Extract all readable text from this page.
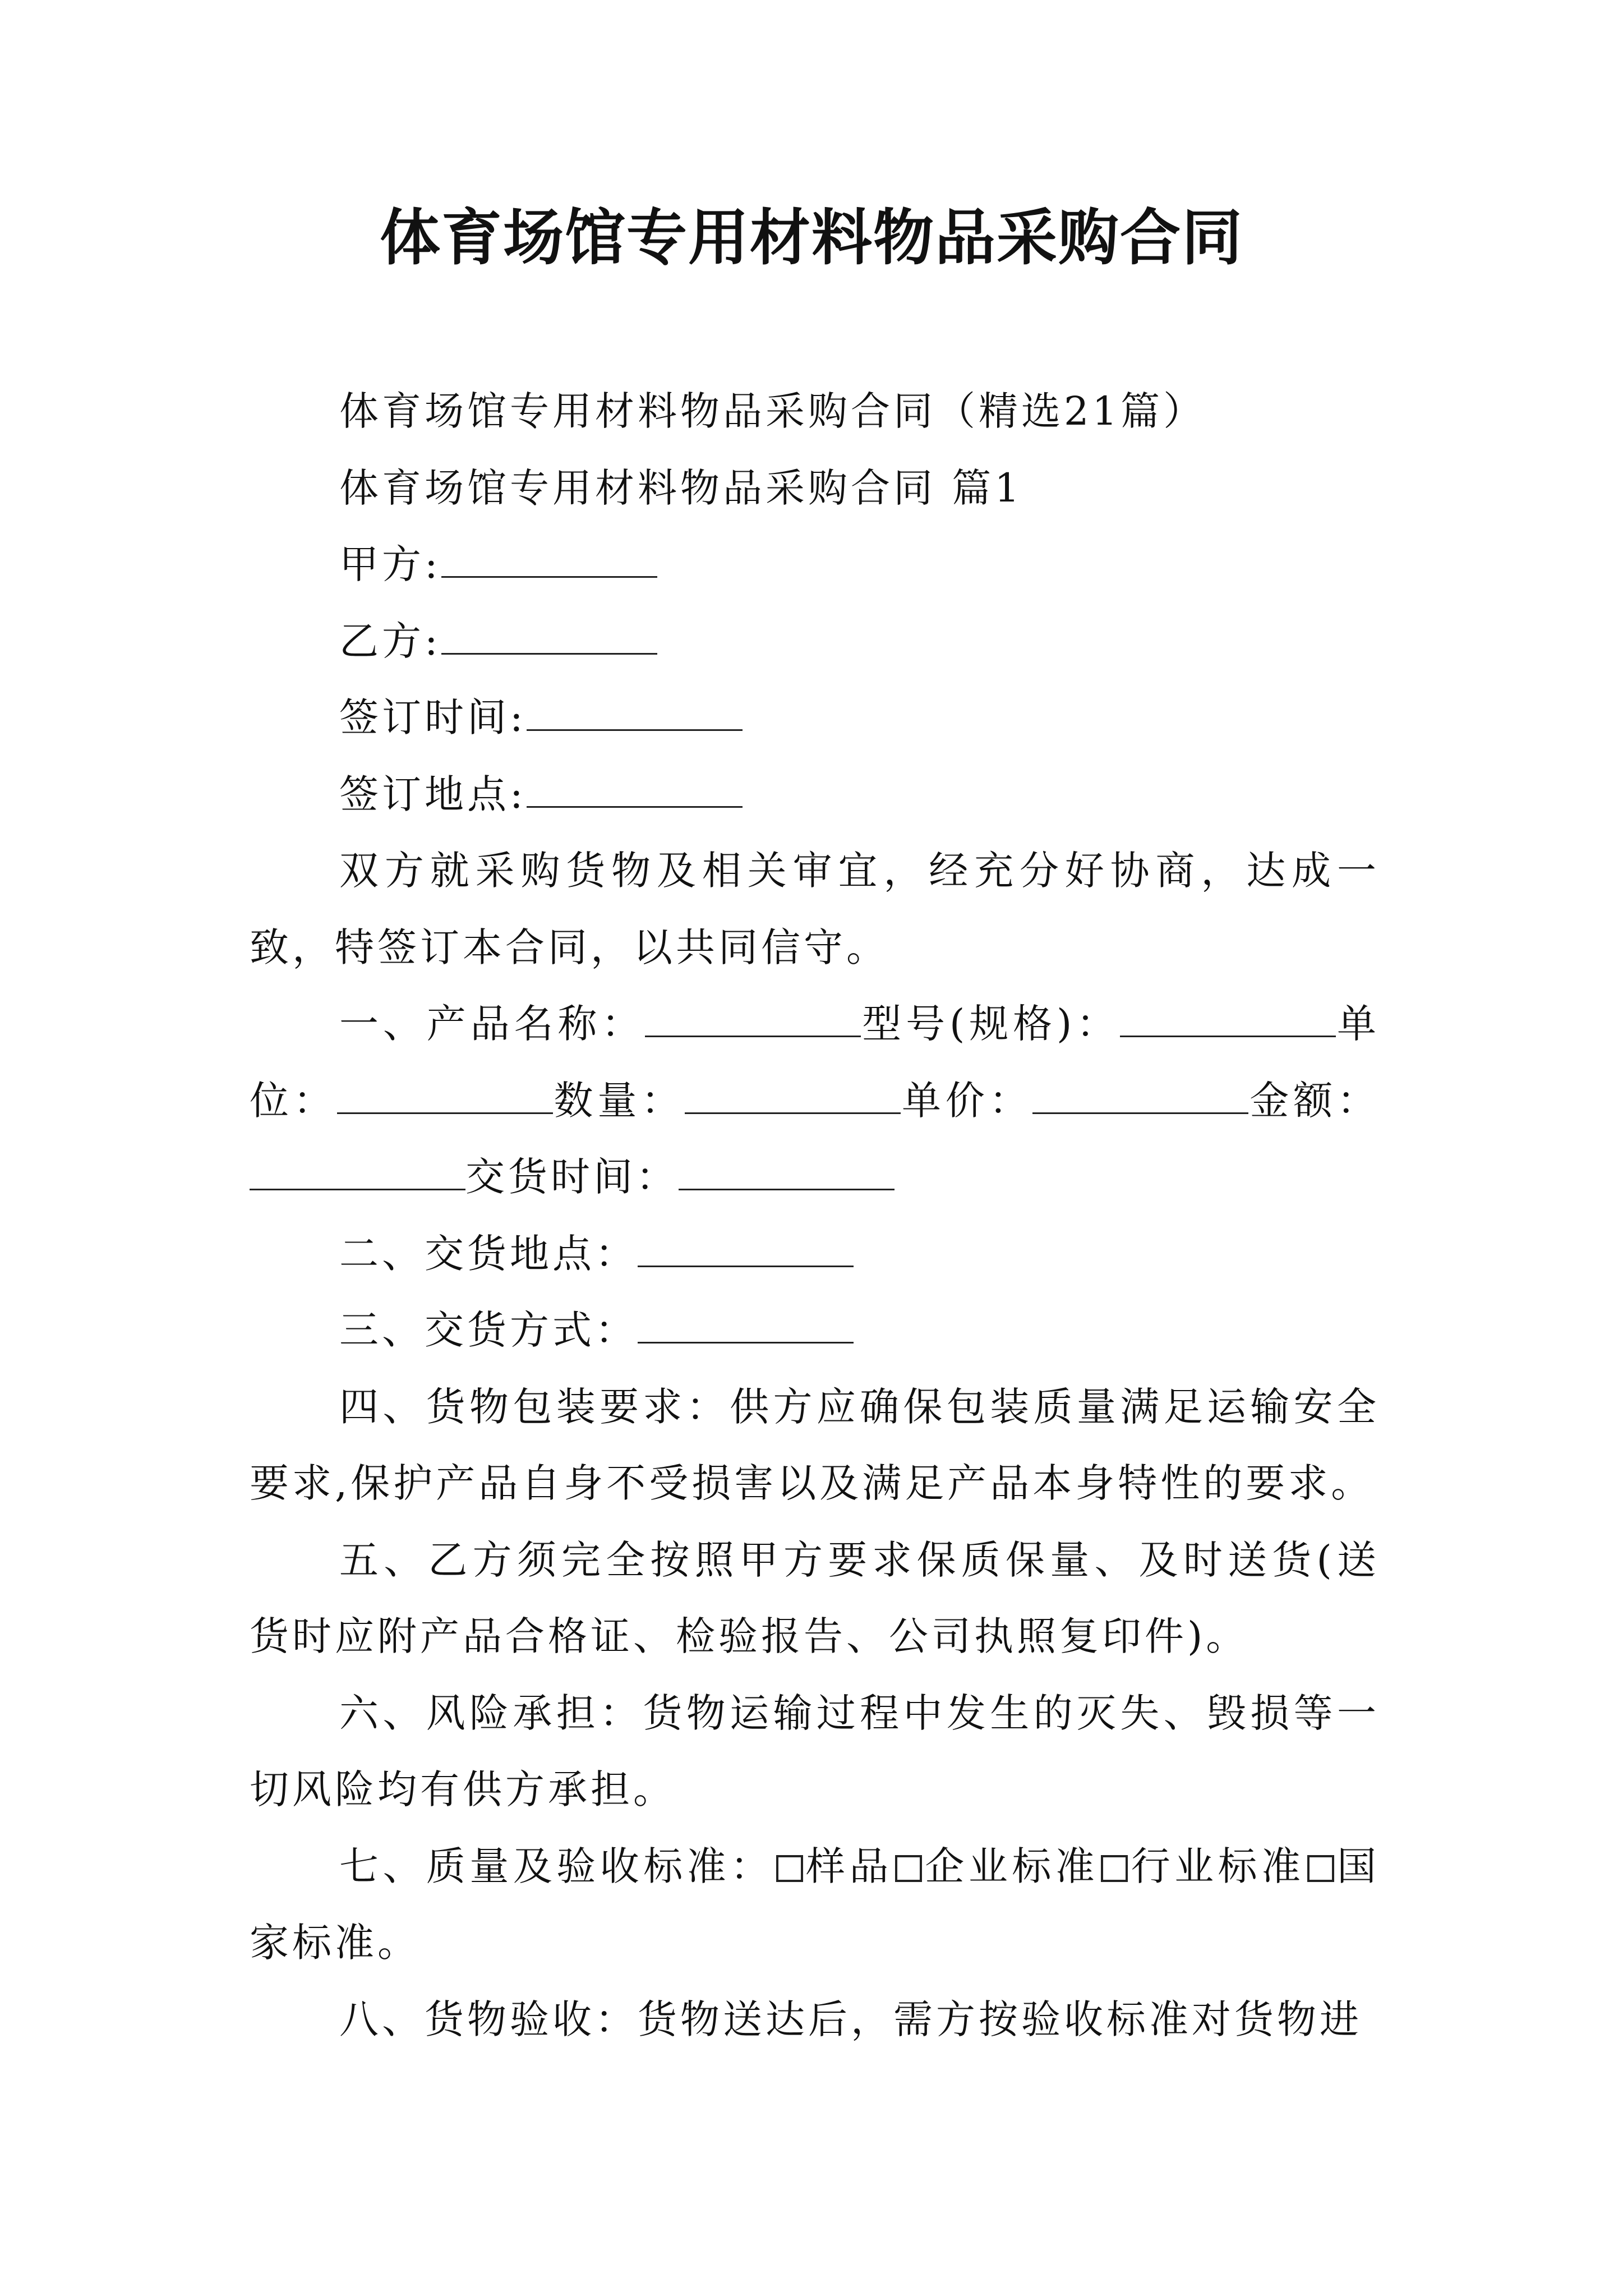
体育场馆专用材料物品采购合同

体育场馆专用材料物品采购合同（精选21篇）

体育场馆专用材料物品采购合同 篇1

甲方:

乙方:

签订时间:

签订地点:

双方就采购货物及相关审宜，经充分好协商，达成一致，特签订本合同，以共同信守。

一、产品名称：	型号(规格)：	单位：	数量：	单价：	金额：交货时间：

二、交货地点：

三、交货方式：

四、货物包装要求：供方应确保包装质量满足运输安全要求,保护产品自身不受损害以及满足产品本身特性的要求。

五、乙方须完全按照甲方要求保质保量、及时送货(送货时应附产品合格证、检验报告、公司执照复印件)。

六、风险承担：货物运输过程中发生的灭失、毁损等一切风险均有供方承担。

七、质量及验收标准： 样品 企业标准 行业标准 国家标准。

八、货物验收：货物送达后，需方按验收标准对货物进
